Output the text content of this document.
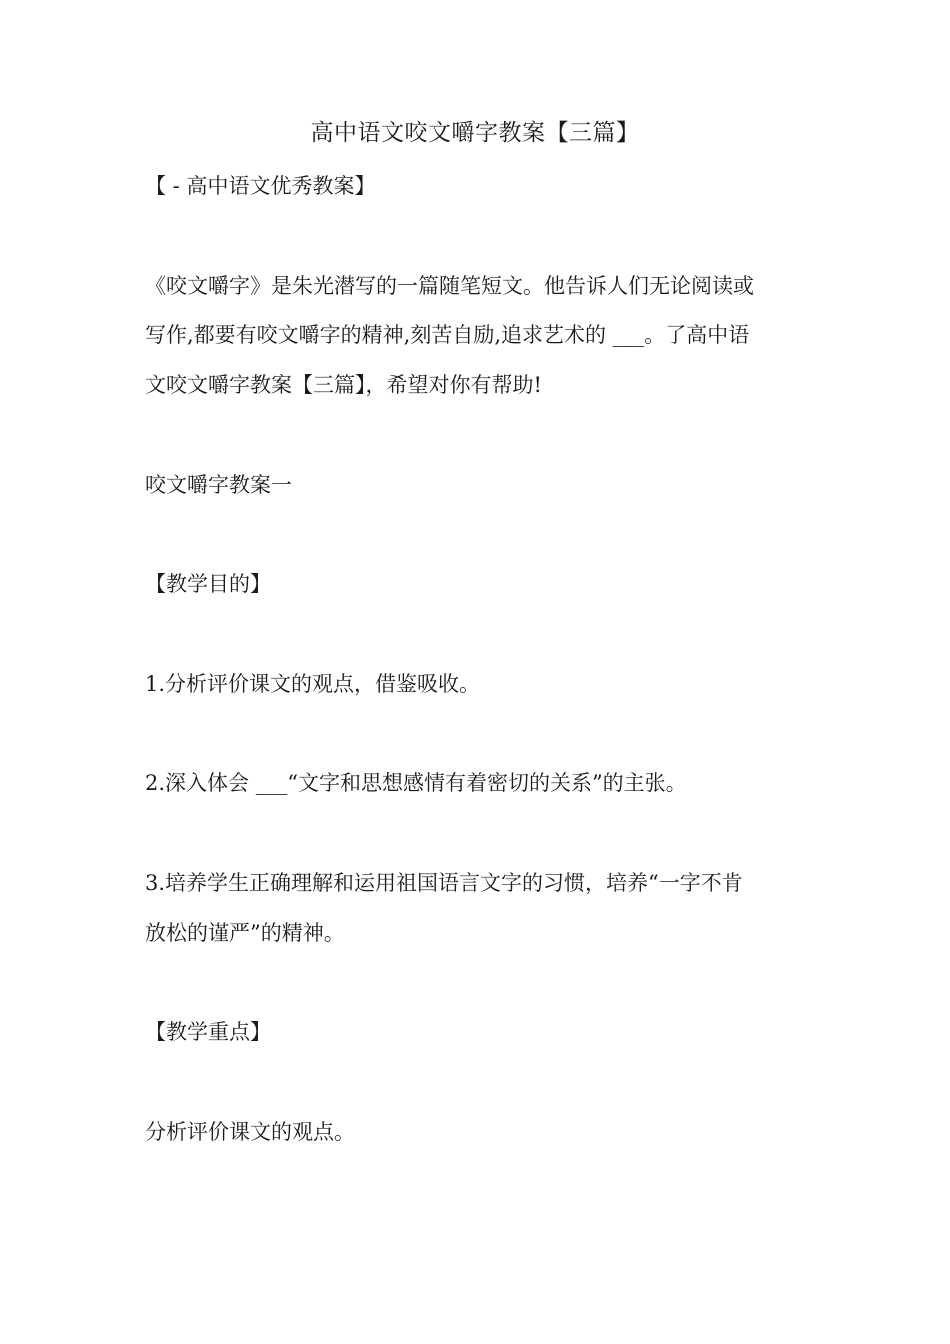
高中语文咬文嚼字教案【三篇】
【 - 高中语文优秀教案】
《咬文嚼字》是朱光潜写的一篇随笔短文。他告诉人们无论阅读或
写作,都要有咬文嚼字的精神,刻苦自励,追求艺术的 ___。了高中语
文咬文嚼字教案【三篇】，希望对你有帮助!
咬文嚼字教案一
【教学目的】
1.分析评价课文的观点，借鉴吸收。
2.深入体会 ___“文字和思想感情有着密切的关系”的主张。
3.培养学生正确理解和运用祖国语言文字的习惯，培养“一字不肯
放松的谨严”的精神。
【教学重点】
分析评价课文的观点。
